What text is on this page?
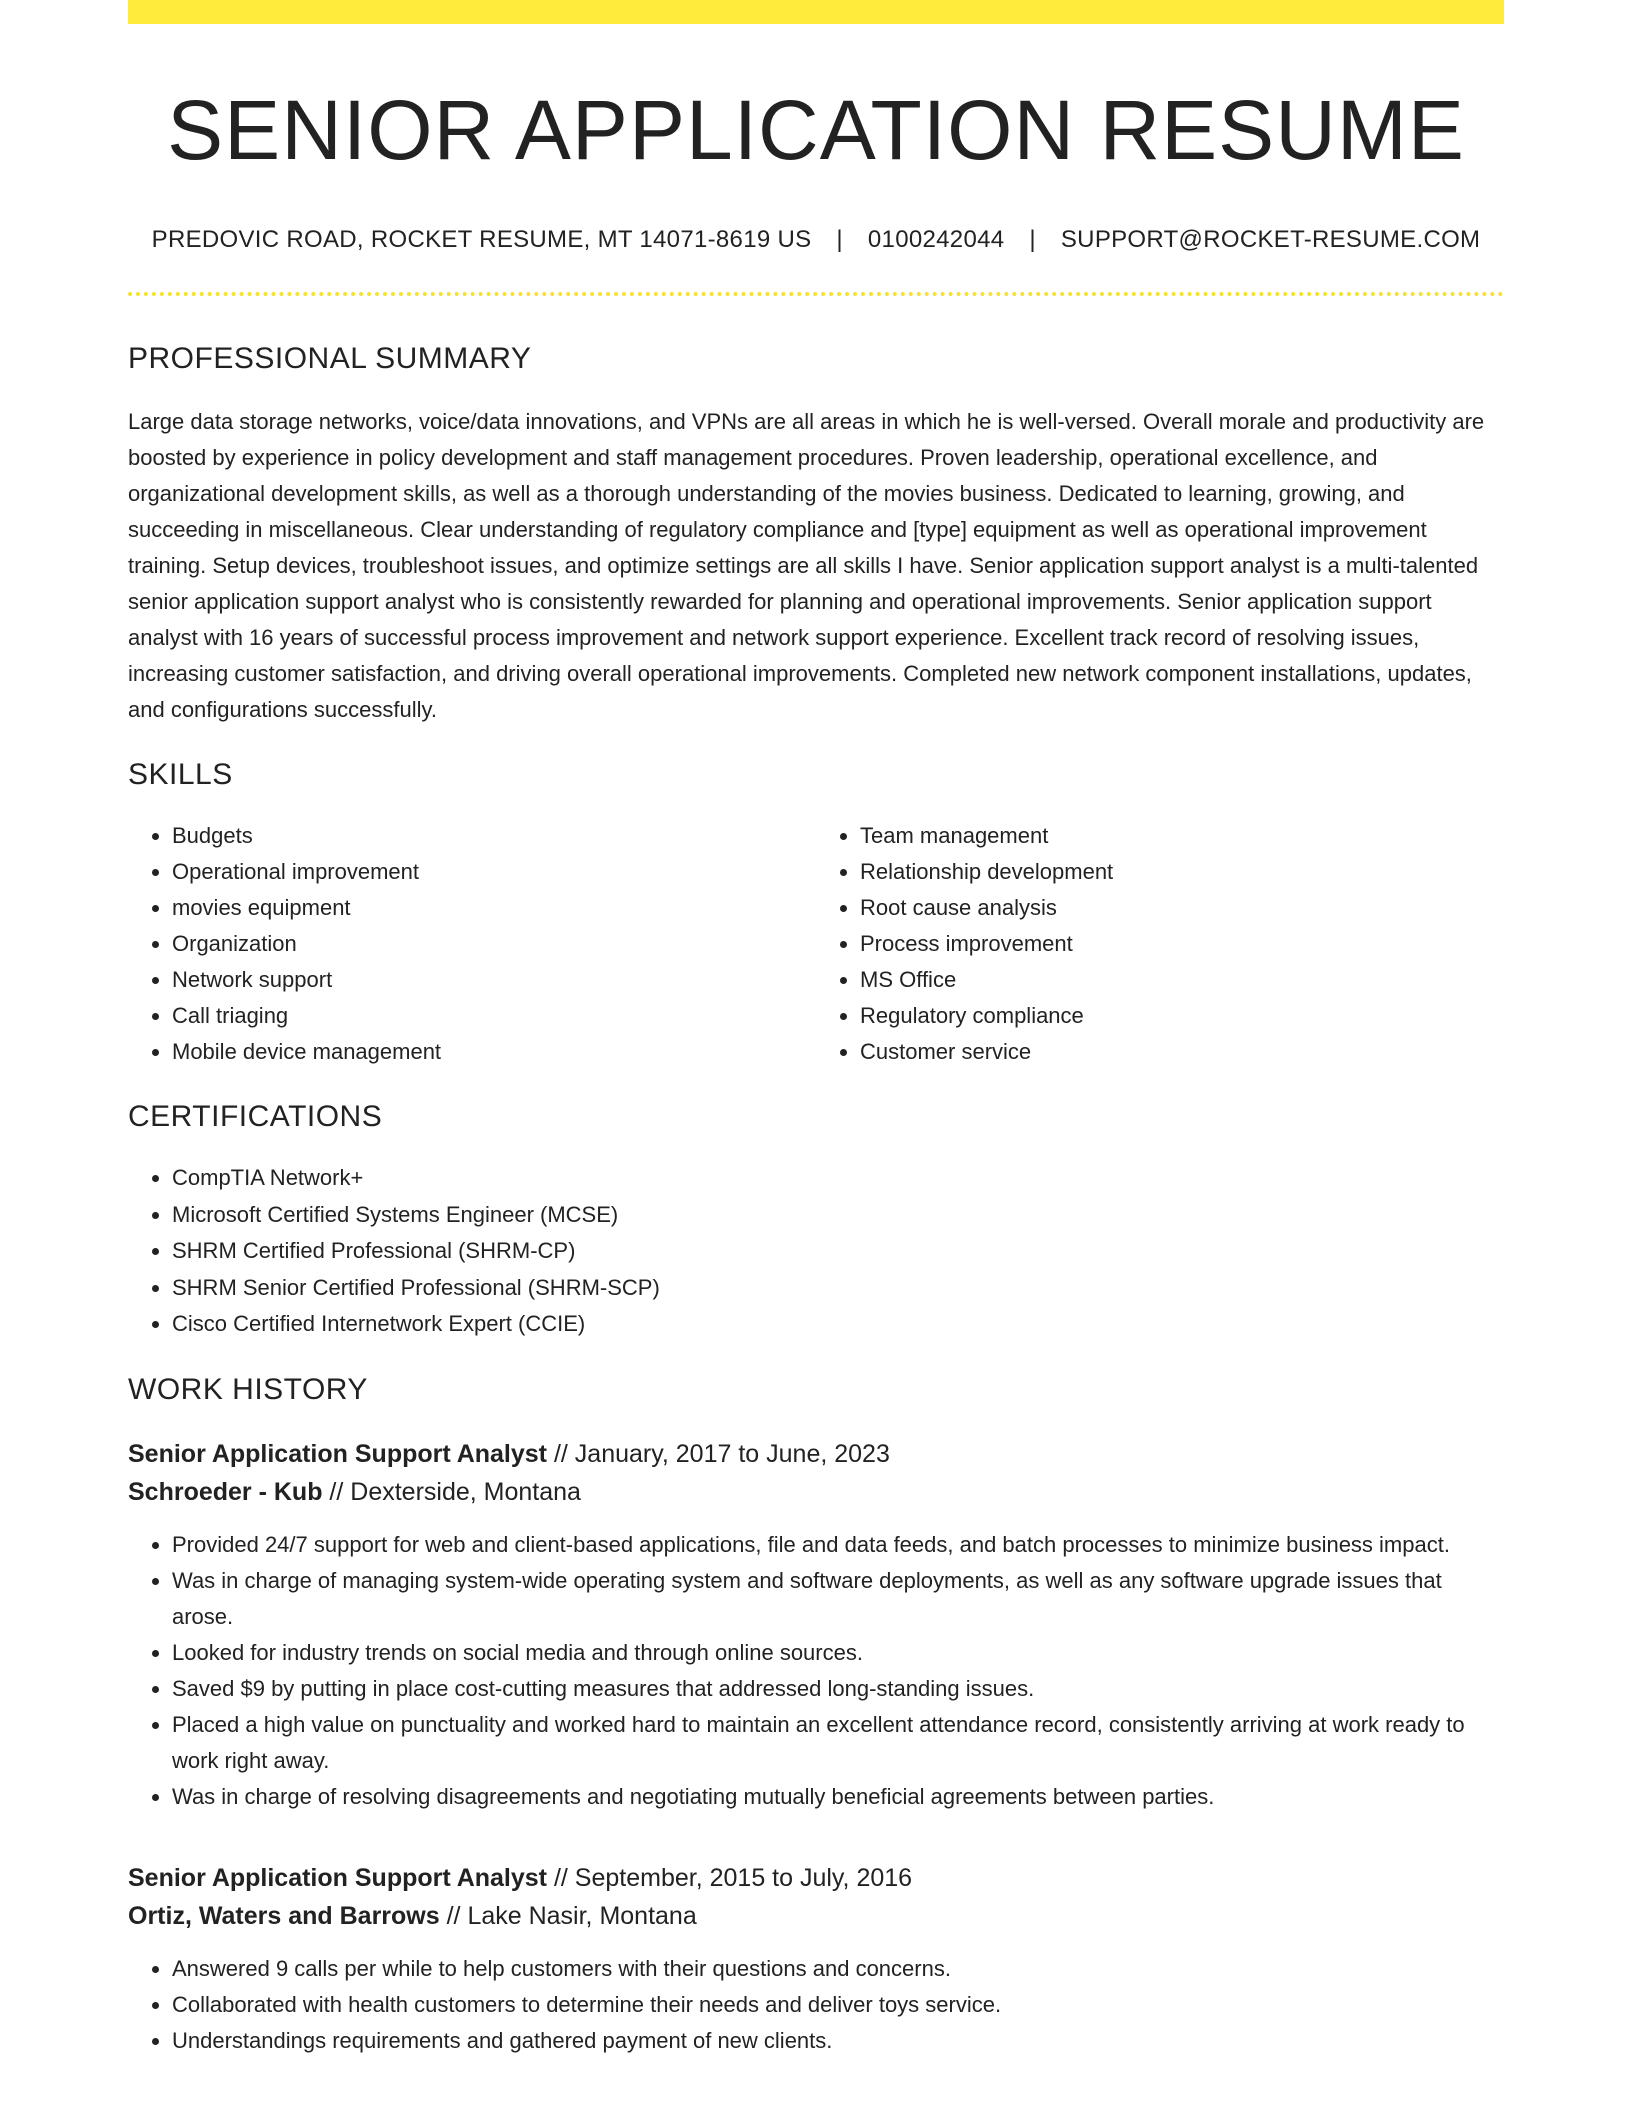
SENIOR APPLICATION RESUME
PREDOVIC ROAD, ROCKET RESUME, MT 14071-8619 US | 0100242044 | SUPPORT@ROCKET-RESUME.COM
PROFESSIONAL SUMMARY
Large data storage networks, voice/data innovations, and VPNs are all areas in which he is well-versed. Overall morale and productivity are boosted by experience in policy development and staff management procedures. Proven leadership, operational excellence, and organizational development skills, as well as a thorough understanding of the movies business. Dedicated to learning, growing, and succeeding in miscellaneous. Clear understanding of regulatory compliance and [type] equipment as well as operational improvement training. Setup devices, troubleshoot issues, and optimize settings are all skills I have. Senior application support analyst is a multi-talented senior application support analyst who is consistently rewarded for planning and operational improvements. Senior application support analyst with 16 years of successful process improvement and network support experience. Excellent track record of resolving issues, increasing customer satisfaction, and driving overall operational improvements. Completed new network component installations, updates, and configurations successfully.
SKILLS
• Budgets
• Operational improvement
• movies equipment
• Organization
• Network support
• Call triaging
• Mobile device management
• Team management
• Relationship development
• Root cause analysis
• Process improvement
• MS Office
• Regulatory compliance
• Customer service
CERTIFICATIONS
• CompTIA Network+
• Microsoft Certified Systems Engineer (MCSE)
• SHRM Certified Professional (SHRM-CP)
• SHRM Senior Certified Professional (SHRM-SCP)
• Cisco Certified Internetwork Expert (CCIE)
WORK HISTORY
Senior Application Support Analyst // January, 2017 to June, 2023
Schroeder - Kub // Dexterside, Montana
• Provided 24/7 support for web and client-based applications, file and data feeds, and batch processes to minimize business impact.
• Was in charge of managing system-wide operating system and software deployments, as well as any software upgrade issues that arose.
• Looked for industry trends on social media and through online sources.
• Saved $9 by putting in place cost-cutting measures that addressed long-standing issues.
• Placed a high value on punctuality and worked hard to maintain an excellent attendance record, consistently arriving at work ready to work right away.
• Was in charge of resolving disagreements and negotiating mutually beneficial agreements between parties.
Senior Application Support Analyst // September, 2015 to July, 2016
Ortiz, Waters and Barrows // Lake Nasir, Montana
• Answered 9 calls per while to help customers with their questions and concerns.
• Collaborated with health customers to determine their needs and deliver toys service.
• Understandings requirements and gathered payment of new clients.
